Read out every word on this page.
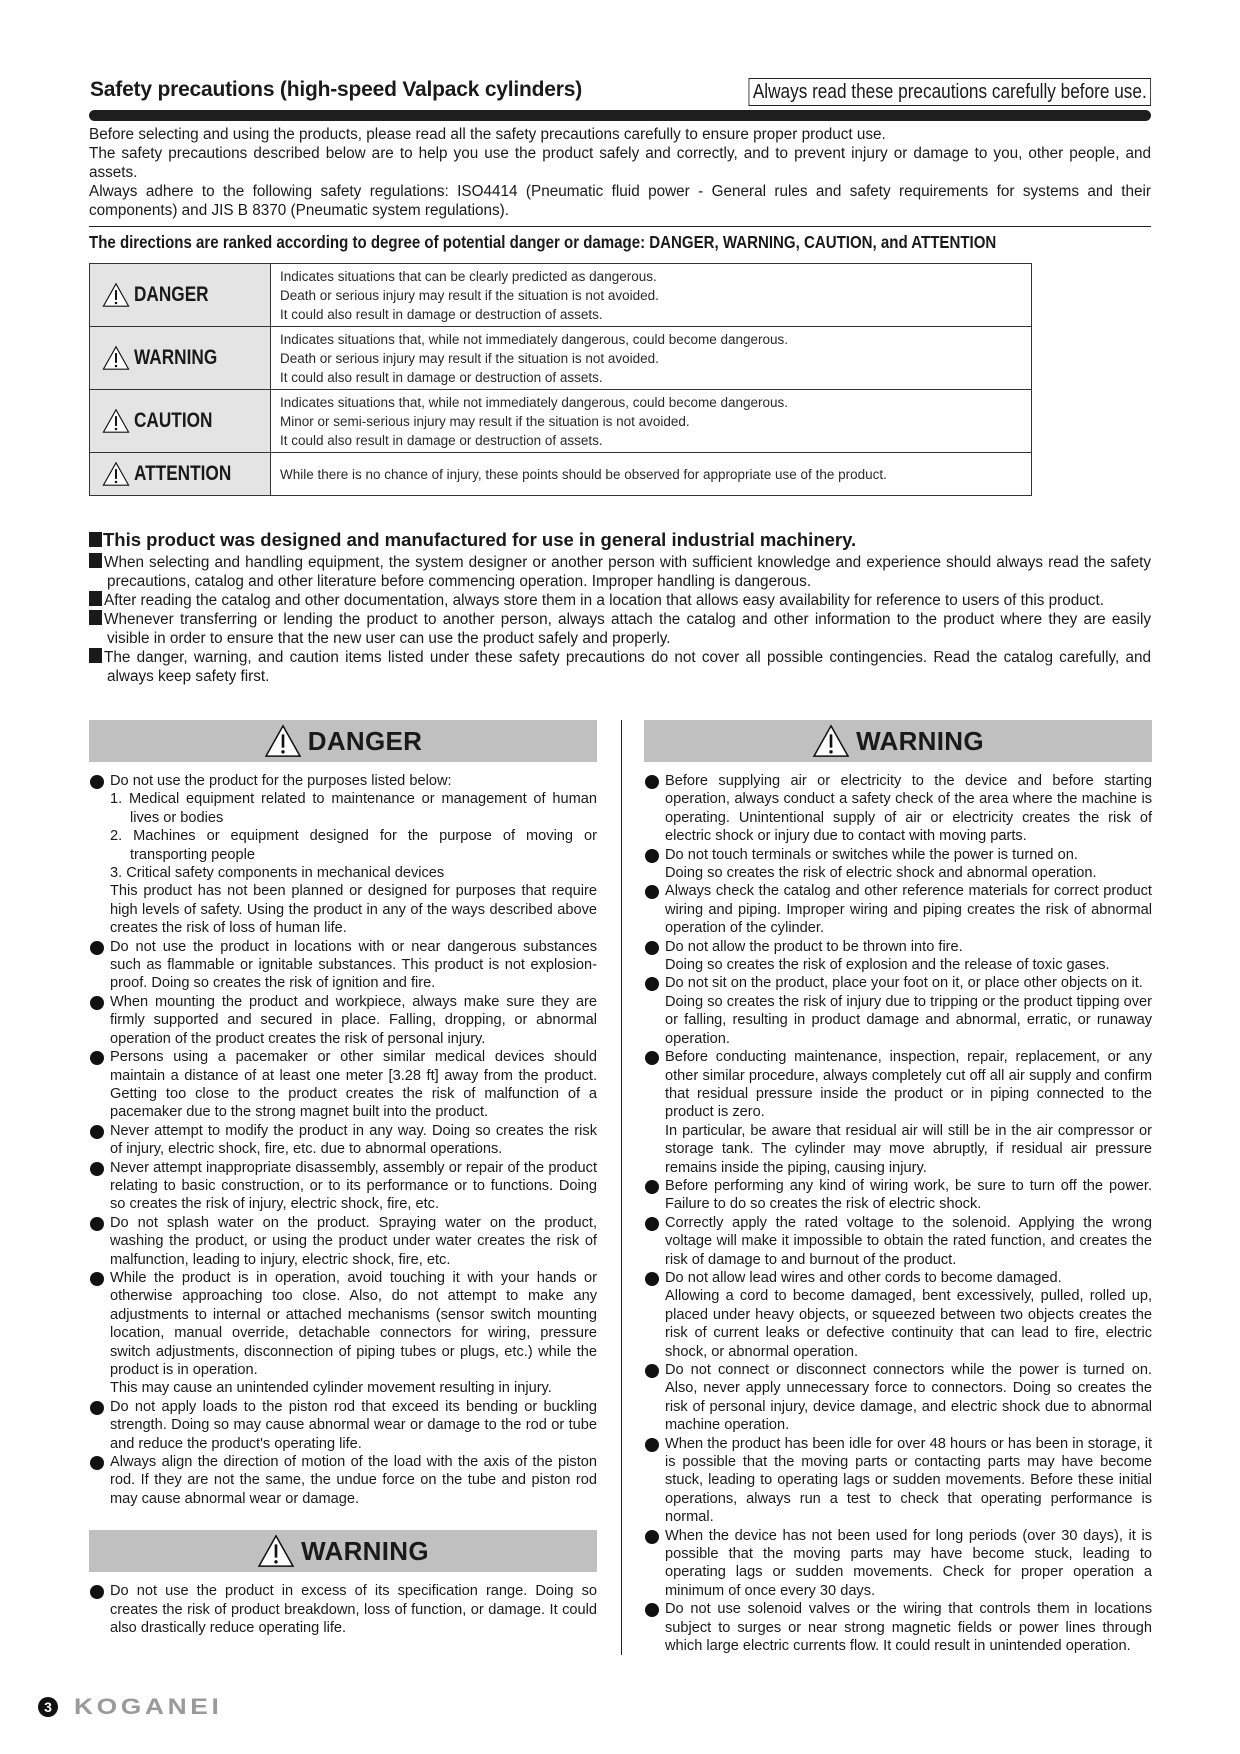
Safety precautions (high-speed Valpack cylinders)	Always read these precautions carefully before use.

Before selecting and using the products, please read all the safety precautions carefully to ensure proper product use.

The safety precautions described below are to help you use the product safely and correctly, and to prevent injury or damage to you, other people, and assets.

Always adhere to the following safety regulations: ISO4414 (Pneumatic fluid power - General rules and safety requirements for systems and their components) and JIS B 8370 (Pneumatic system regulations).

The directions are ranked according to degree of potential danger or damage: DANGER, WARNING, CAUTION, and ATTENTION
DANGER	Indicates situations that can be clearly predicted as dangerous.
Death or serious injury may result if the situation is not avoided.
It could also result in damage or destruction of assets.

WARNING	Indicates situations that, while not immediately dangerous, could become dangerous.
Death or serious injury may result if the situation is not avoided.
It could also result in damage or destruction of assets.

CAUTION	Indicates situations that, while not immediately dangerous, could become dangerous.
Minor or semi-serious injury may result if the situation is not avoided.
It could also result in damage or destruction of assets.

ATTENTION	While there is no chance of injury, these points should be observed for appropriate use of the product.
This product was designed and manufactured for use in general industrial machinery.

When selecting and handling equipment, the system designer or another person with sufficient knowledge and experience should always read the safety precautions, catalog and other literature before commencing operation. Improper handling is dangerous.

After reading the catalog and other documentation, always store them in a location that allows easy availability for reference to users of this product.

Whenever transferring or lending the product to another person, always attach the catalog and other information to the product where they are easily visible in order to ensure that the new user can use the product safely and properly.

The danger, warning, and caution items listed under these safety precautions do not cover all possible contingencies. Read the catalog carefully, and always keep safety first.

DANGER

Do not use the product for the purposes listed below:

1. Medical equipment related to maintenance or management of human lives or bodies
2. Machines or equipment designed for the purpose of moving or transporting people
3. Critical safety components in mechanical devices

This product has not been planned or designed for purposes that require high levels of safety. Using the product in any of the ways described above creates the risk of loss of human life.

Do not use the product in locations with or near dangerous substances such as flammable or ignitable substances. This product is not explosion-proof. Doing so creates the risk of ignition and fire.

When mounting the product and workpiece, always make sure they are firmly supported and secured in place. Falling, dropping, or abnormal operation of the product creates the risk of personal injury.

Persons using a pacemaker or other similar medical devices should maintain a distance of at least one meter [3.28 ft] away from the product. Getting too close to the product creates the risk of malfunction of a pacemaker due to the strong magnet built into the product.

Never attempt to modify the product in any way. Doing so creates the risk of injury, electric shock, fire, etc. due to abnormal operations.

Never attempt inappropriate disassembly, assembly or repair of the product relating to basic construction, or to its performance or to functions. Doing so creates the risk of injury, electric shock, fire, etc.

Do not splash water on the product. Spraying water on the product, washing the product, or using the product under water creates the risk of malfunction, leading to injury, electric shock, fire, etc.

While the product is in operation, avoid touching it with your hands or otherwise approaching too close. Also, do not attempt to make any adjustments to internal or attached mechanisms (sensor switch mounting location, manual override, detachable connectors for wiring, pressure switch adjustments, disconnection of piping tubes or plugs, etc.) while the product is in operation.
This may cause an unintended cylinder movement resulting in injury.

Do not apply loads to the piston rod that exceed its bending or buckling strength. Doing so may cause abnormal wear or damage to the rod or tube and reduce the product's operating life.

Always align the direction of motion of the load with the axis of the piston rod. If they are not the same, the undue force on the tube and piston rod may cause abnormal wear or damage.

WARNING

Do not use the product in excess of its specification range. Doing so creates the risk of product breakdown, loss of function, or damage. It could also drastically reduce operating life.

WARNING

Before supplying air or electricity to the device and before starting operation, always conduct a safety check of the area where the machine is operating. Unintentional supply of air or electricity creates the risk of electric shock or injury due to contact with moving parts.

Do not touch terminals or switches while the power is turned on.
Doing so creates the risk of electric shock and abnormal operation.

Always check the catalog and other reference materials for correct product wiring and piping. Improper wiring and piping creates the risk of abnormal operation of the cylinder.

Do not allow the product to be thrown into fire.
Doing so creates the risk of explosion and the release of toxic gases.

Do not sit on the product, place your foot on it, or place other objects on it.
Doing so creates the risk of injury due to tripping or the product tipping over or falling, resulting in product damage and abnormal, erratic, or runaway operation.

Before conducting maintenance, inspection, repair, replacement, or any other similar procedure, always completely cut off all air supply and confirm that residual pressure inside the product or in piping connected to the product is zero.
In particular, be aware that residual air will still be in the air compressor or storage tank. The cylinder may move abruptly, if residual air pressure remains inside the piping, causing injury.

Before performing any kind of wiring work, be sure to turn off the power. Failure to do so creates the risk of electric shock.

Correctly apply the rated voltage to the solenoid. Applying the wrong voltage will make it impossible to obtain the rated function, and creates the risk of damage to and burnout of the product.

Do not allow lead wires and other cords to become damaged.
Allowing a cord to become damaged, bent excessively, pulled, rolled up, placed under heavy objects, or squeezed between two objects creates the risk of current leaks or defective continuity that can lead to fire, electric shock, or abnormal operation.

Do not connect or disconnect connectors while the power is turned on. Also, never apply unnecessary force to connectors. Doing so creates the risk of personal injury, device damage, and electric shock due to abnormal machine operation.

When the product has been idle for over 48 hours or has been in storage, it is possible that the moving parts or contacting parts may have become stuck, leading to operating lags or sudden movements. Before these initial operations, always run a test to check that operating performance is normal.

When the device has not been used for long periods (over 30 days), it is possible that the moving parts may have become stuck, leading to operating lags or sudden movements. Check for proper operation a minimum of once every 30 days.

Do not use solenoid valves or the wiring that controls them in locations subject to surges or near strong magnetic fields or power lines through which large electric currents flow. It could result in unintended operation.

3 KOGANEI
